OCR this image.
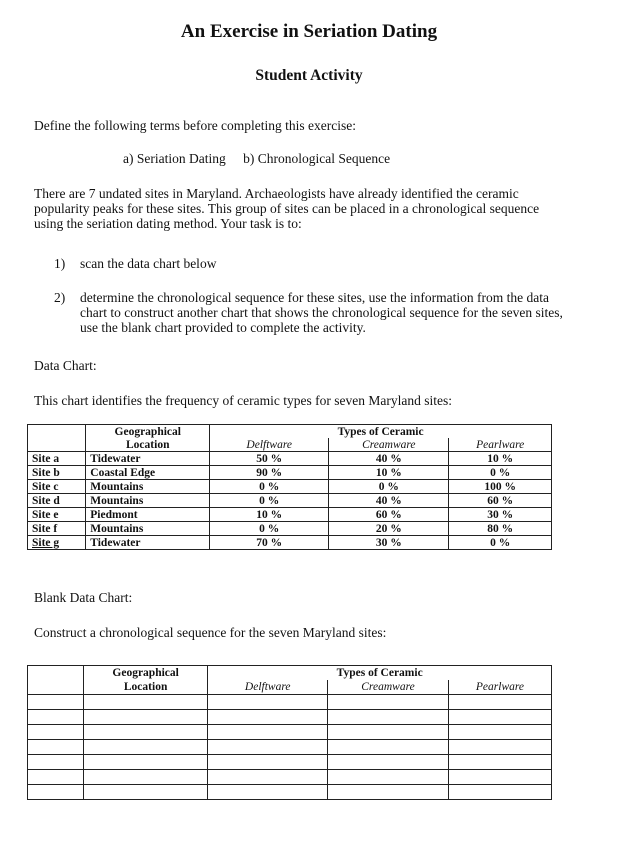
An Exercise in Seriation Dating
Student Activity
Define the following terms before completing this exercise:
a) Seriation Dating b) Chronological Sequence
There are 7 undated sites in Maryland. Archaeologists have already identified the ceramic popularity peaks for these sites. This group of sites can be placed in a chronological sequence using the seriation dating method. Your task is to:
1) scan the data chart below
2) determine the chronological sequence for these sites, use the information from the data chart to construct another chart that shows the chronological sequence for the seven sites, use the blank chart provided to complete the activity.
Data Chart:
This chart identifies the frequency of ceramic types for seven Maryland sites:
	Geographical	Types of Ceramic		
	Location	Delftware	Creamware	Pearlware
Site a	Tidewater	50 %	40 %	10 %
Site b	Coastal Edge	90 %	10 %	0 %
Site c	Mountains	0 %	0 %	100 %
Site d	Mountains	0 %	40 %	60 %
Site e	Piedmont	10 %	60 %	30 %
Site f	Mountains	0 %	20 %	80 %
Site g	Tidewater	70 %	30 %	0 %
Blank Data Chart:
Construct a chronological sequence for the seven Maryland sites:
	Geographical	Types of Ceramic		
	Location	Delftware	Creamware	Pearlware
